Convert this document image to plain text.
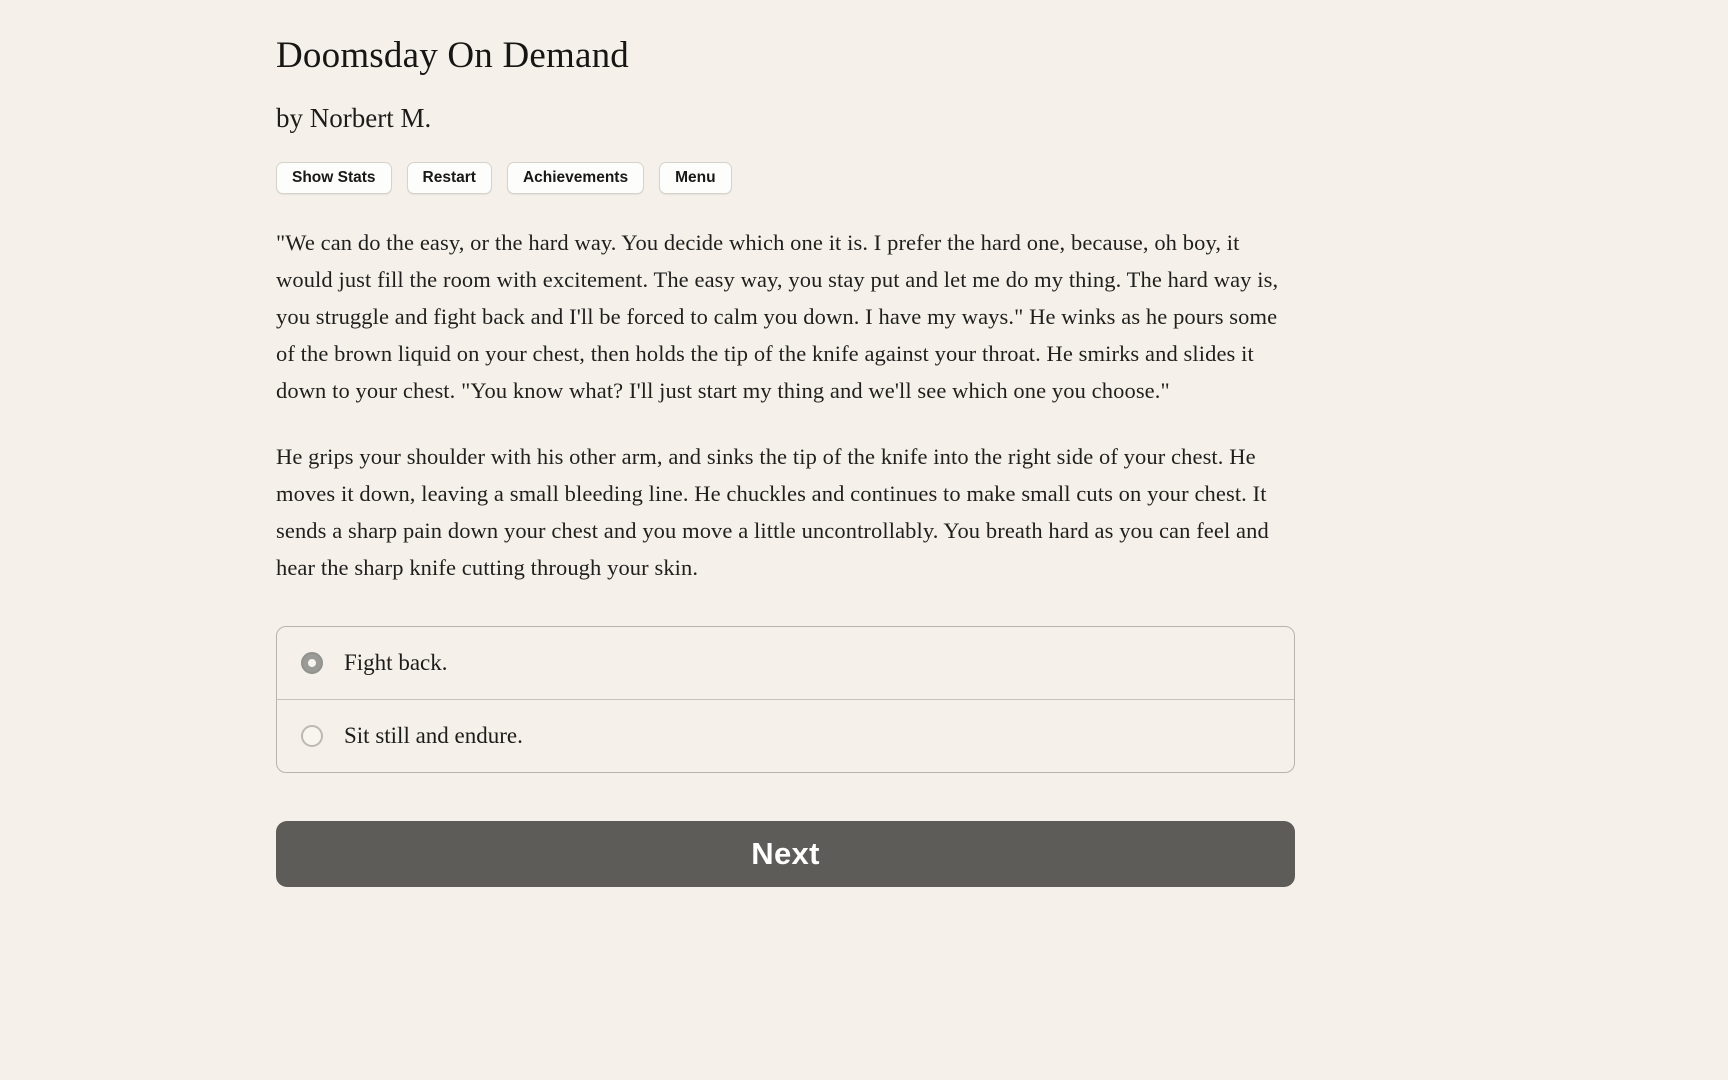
Doomsday On Demand
by Norbert M.
Show Stats	Restart	Achievements	Menu

"We can do the easy, or the hard way. You decide which one it is. I prefer the hard one, because, oh boy, it would just fill the room with excitement. The easy way, you stay put and let me do my thing. The hard way is, you struggle and fight back and I'll be forced to calm you down. I have my ways." He winks as he pours some of the brown liquid on your chest, then holds the tip of the knife against your throat. He smirks and slides it down to your chest. "You know what? I'll just start my thing and we'll see which one you choose."

He grips your shoulder with his other arm, and sinks the tip of the knife into the right side of your chest. He moves it down, leaving a small bleeding line. He chuckles and continues to make small cuts on your chest. It sends a sharp pain down your chest and you move a little uncontrollably. You breath hard as you can feel and hear the sharp knife cutting through your skin.

Fight back.
Sit still and endure.
Next
